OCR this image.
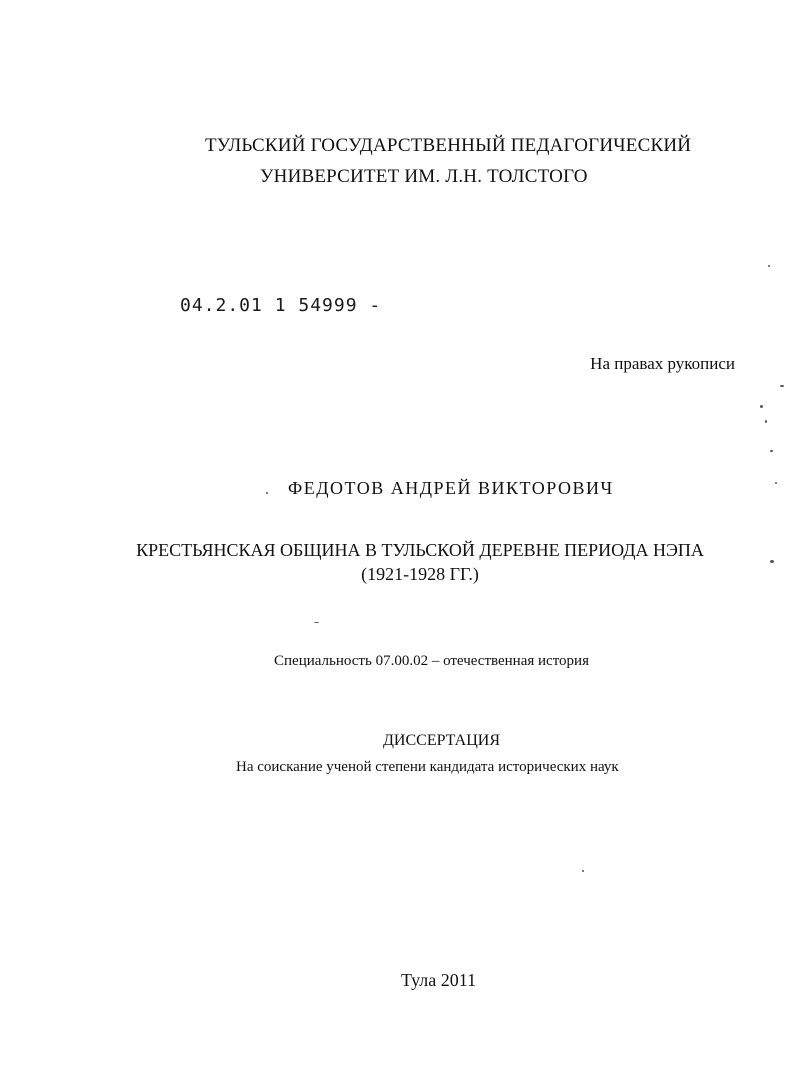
ТУЛЬСКИЙ ГОСУДАРСТВЕННЫЙ ПЕДАГОГИЧЕСКИЙ
УНИВЕРСИТЕТ ИМ. Л.Н. ТОЛСТОГО
04.2.01 1 54999 -
На правах рукописи
ФЕДОТОВ АНДРЕЙ ВИКТОРОВИЧ
КРЕСТЬЯНСКАЯ ОБЩИНА В ТУЛЬСКОЙ ДЕРЕВНЕ ПЕРИОДА НЭПА
(1921-1928 ГГ.)
Специальность 07.00.02 – отечественная история
ДИССЕРТАЦИЯ
На соискание ученой степени кандидата исторических наук
Тула 2011
